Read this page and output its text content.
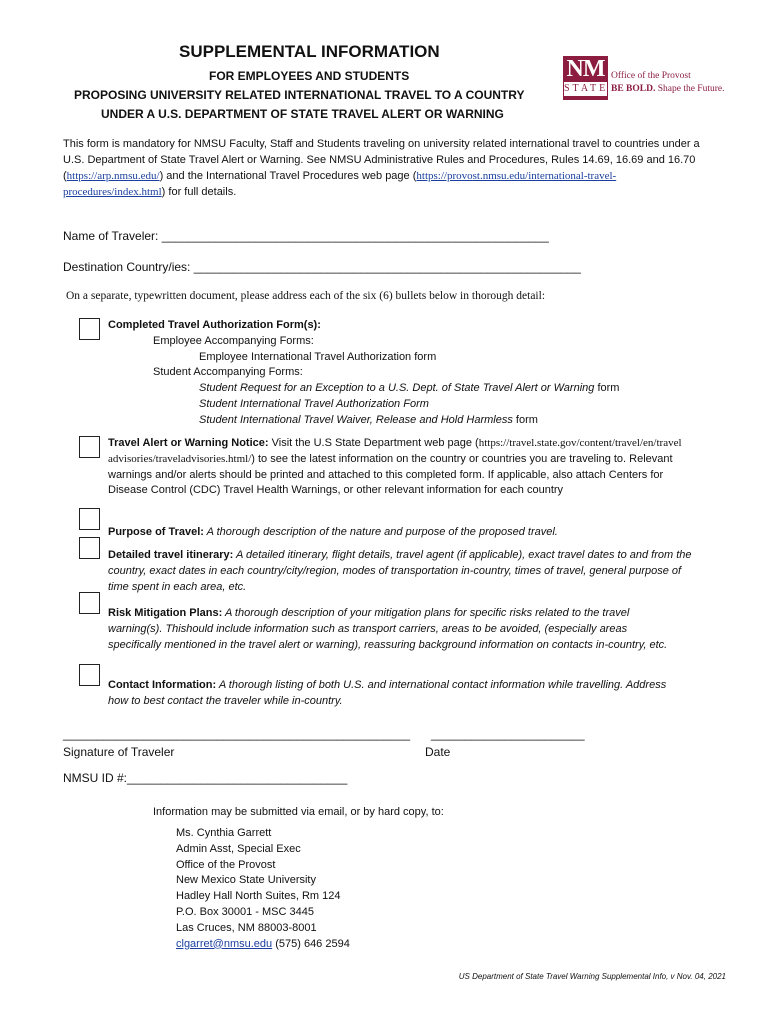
SUPPLEMENTAL INFORMATION
FOR EMPLOYEES AND STUDENTS
PROPOSING UNIVERSITY RELATED INTERNATIONAL TRAVEL TO A COUNTRY
UNDER A U.S. DEPARTMENT OF STATE TRAVEL ALERT OR WARNING
NM
STATE
Office of the Provost
BE BOLD. Shape the Future.
This form is mandatory for NMSU Faculty, Staff and Students traveling on university related international travel to countries under a U.S. Department of State Travel Alert or Warning. See NMSU Administrative Rules and Procedures, Rules 14.69, 16.69 and 16.70 (https://arp.nmsu.edu/) and the International Travel Procedures web page (https://provost.nmsu.edu/international-travel-procedures/index.html) for full details.
Name of Traveler: __________________________________________________________
Destination Country/ies: __________________________________________________________
On a separate, typewritten document, please address each of the six (6) bullets below in thorough detail:
Completed Travel Authorization Form(s):
Employee Accompanying Forms:
Employee International Travel Authorization form
Student Accompanying Forms:
Student Request for an Exception to a U.S. Dept. of State Travel Alert or Warning form
Student International Travel Authorization Form
Student International Travel Waiver, Release and Hold Harmless form
Travel Alert or Warning Notice: Visit the U.S State Department web page (https://travel.state.gov/content/travel/en/traveladvisories/traveladvisories.html/) to see the latest information on the country or countries you are traveling to. Relevant warnings and/or alerts should be printed and attached to this completed form. If applicable, also attach Centers for Disease Control (CDC) Travel Health Warnings, or other relevant information for each country
Purpose of Travel: A thorough description of the nature and purpose of the proposed travel.
Detailed travel itinerary: A detailed itinerary, flight details, travel agent (if applicable), exact travel dates to and from the country, exact dates in each country/city/region, modes of transportation in-country, times of travel, general purpose of time spent in each area, etc.
Risk Mitigation Plans: A thorough description of your mitigation plans for specific risks related to the travel warning(s). Thishould include information such as transport carriers, areas to be avoided, (especially areas specifically mentioned in the travel alert or warning), reassuring background information on contacts in-country, etc.
Contact Information: A thorough listing of both U.S. and international contact information while travelling. Address how to best contact the traveler while in-country.
____________________________________________________ _______________________
Signature of Traveler	Date
NMSU ID #:_________________________________
Information may be submitted via email, or by hard copy, to:
Ms. Cynthia Garrett
Admin Asst, Special Exec
Office of the Provost
New Mexico State University
Hadley Hall North Suites, Rm 124
P.O. Box 30001 - MSC 3445
Las Cruces, NM 88003-8001
clgarret@nmsu.edu (575) 646 2594
US Department of State Travel Warning Supplemental Info, v Nov. 04, 2021
